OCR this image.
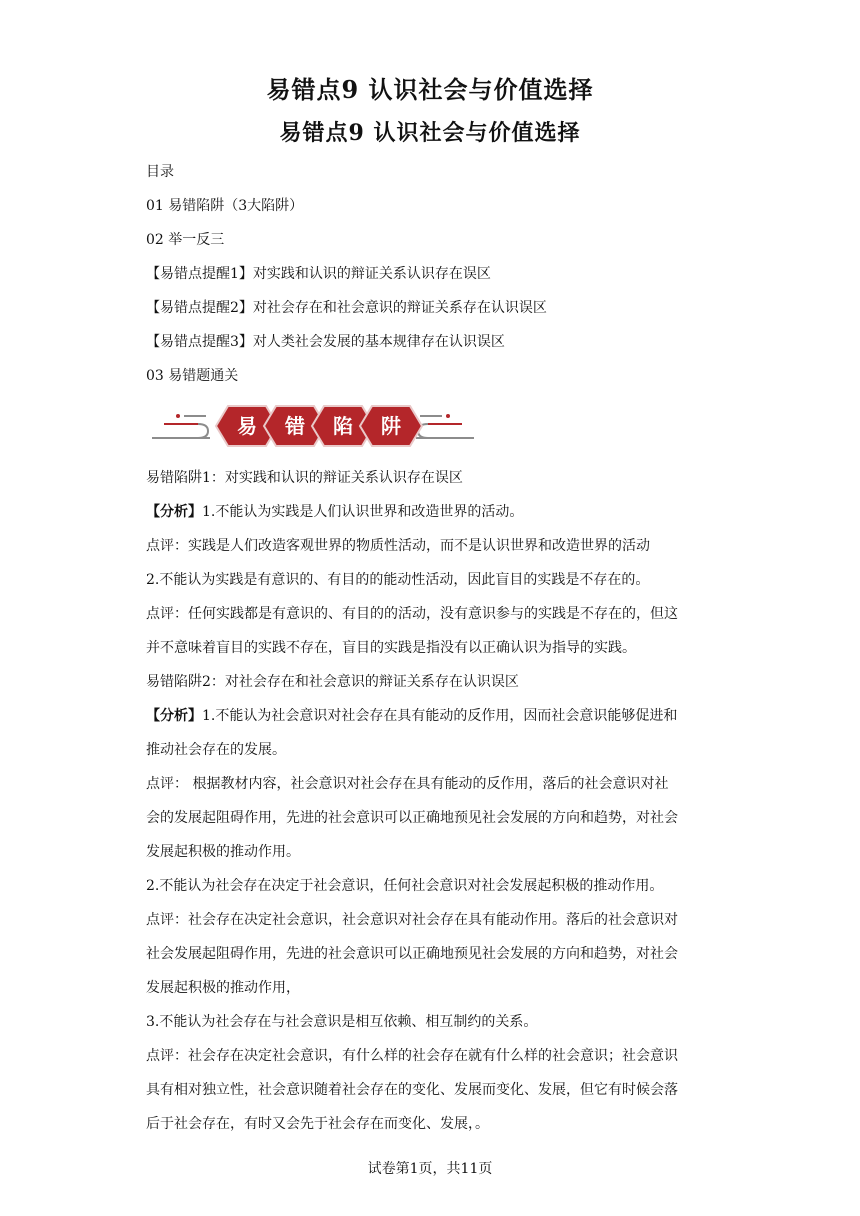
易错点9 认识社会与价值选择
易错点9 认识社会与价值选择
目录
01 易错陷阱（3大陷阱）
02 举一反三
【易错点提醒1】对实践和认识的辩证关系认识存在误区
【易错点提醒2】对社会存在和社会意识的辩证关系存在认识误区
【易错点提醒3】对人类社会发展的基本规律存在认识误区
03 易错题通关
易 错 陷 阱
易错陷阱1：对实践和认识的辩证关系认识存在误区
【分析】1.不能认为实践是人们认识世界和改造世界的活动。
点评：实践是人们改造客观世界的物质性活动，而不是认识世界和改造世界的活动
2.不能认为实践是有意识的、有目的的能动性活动，因此盲目的实践是不存在的。
点评：任何实践都是有意识的、有目的的活动，没有意识参与的实践是不存在的，但这
并不意味着盲目的实践不存在，盲目的实践是指没有以正确认识为指导的实践。
易错陷阱2：对社会存在和社会意识的辩证关系存在认识误区
【分析】1.不能认为社会意识对社会存在具有能动的反作用，因而社会意识能够促进和
推动社会存在的发展。
点评： 根据教材内容，社会意识对社会存在具有能动的反作用，落后的社会意识对社
会的发展起阻碍作用，先进的社会意识可以正确地预见社会发展的方向和趋势，对社会
发展起积极的推动作用。
2.不能认为社会存在决定于社会意识，任何社会意识对社会发展起积极的推动作用。
点评：社会存在决定社会意识，社会意识对社会存在具有能动作用。落后的社会意识对
社会发展起阻碍作用，先进的社会意识可以正确地预见社会发展的方向和趋势，对社会
发展起积极的推动作用，
3.不能认为社会存在与社会意识是相互依赖、相互制约的关系。
点评：社会存在决定社会意识，有什么样的社会存在就有什么样的社会意识；社会意识
具有相对独立性，社会意识随着社会存在的变化、发展而变化、发展，但它有时候会落
后于社会存在，有时又会先于社会存在而变化、发展，。
试卷第1页，共11页
